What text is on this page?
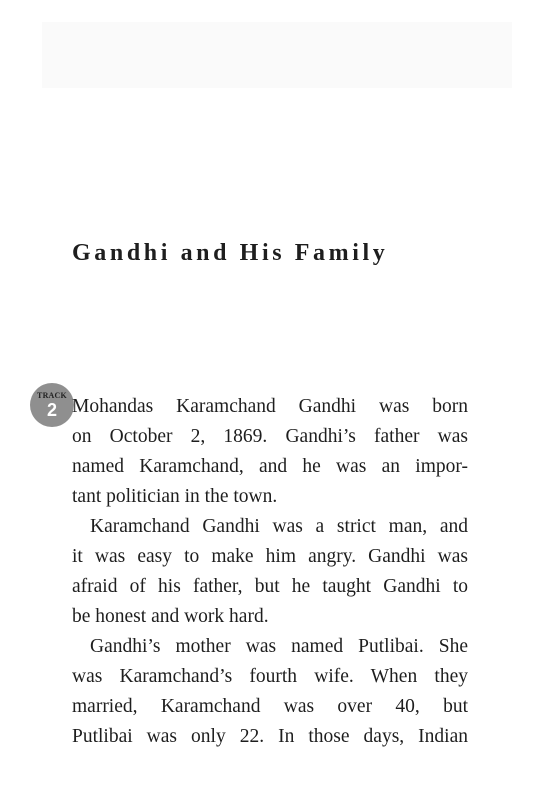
Gandhi and His Family
TRACK
2 Mohandas Karamchand Gandhi was born
on October 2, 1869. Gandhi’s father was
named Karamchand, and he was an impor-
tant politician in the town.

Karamchand Gandhi was a strict man, and
it was easy to make him angry. Gandhi was
afraid of his father, but he taught Gandhi to
be honest and work hard.

Gandhi’s mother was named Putlibai. She
was Karamchand’s fourth wife. When they
married, Karamchand was over 40, but
Putlibai was only 22. In those days, Indian
